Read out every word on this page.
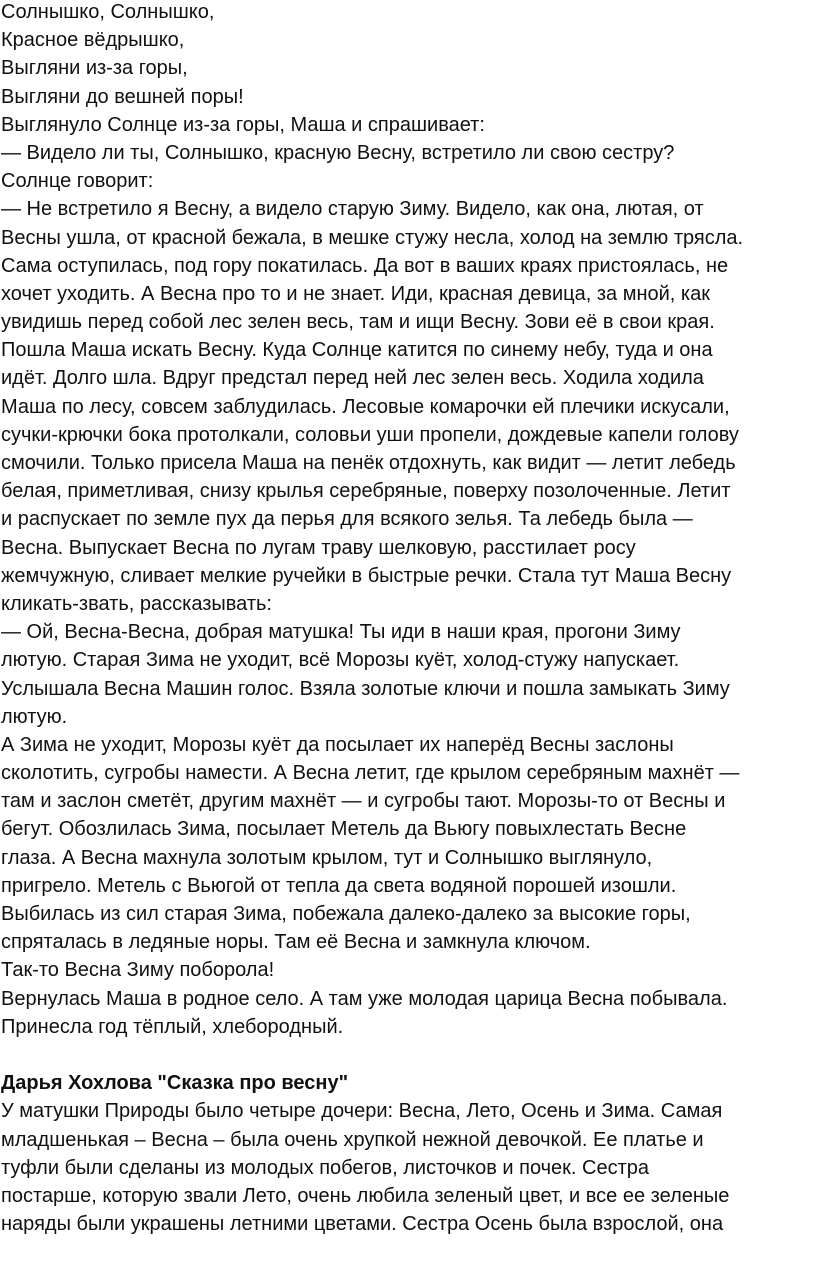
Солнышко, Солнышко,
Красное вёдрышко,
Выгляни из-за горы,
Выгляни до вешней поры!
Выглянуло Солнце из-за горы, Маша и спрашивает:
— Видело ли ты, Солнышко, красную Весну, встретило ли свою сестру?
Солнце говорит:
— Не встретило я Весну, а видело старую Зиму. Видело, как она, лютая, от
Весны ушла, от красной бежала, в мешке стужу несла, холод на землю трясла.
Сама оступилась, под гору покатилась. Да вот в ваших краях пристоялась, не
хочет уходить. А Весна про то и не знает. Иди, красная девица, за мной, как
увидишь перед собой лес зелен весь, там и ищи Весну. Зови её в свои края.
Пошла Маша искать Весну. Куда Солнце катится по синему небу, туда и она
идёт. Долго шла. Вдруг предстал перед ней лес зелен весь. Ходила ходила
Маша по лесу, совсем заблудилась. Лесовые комарочки ей плечики искусали,
сучки-крючки бока протолкали, соловьи уши пропели, дождевые капели голову
смочили. Только присела Маша на пенёк отдохнуть, как видит — летит лебедь
белая, приметливая, снизу крылья серебряные, поверху позолоченные. Летит
и распускает по земле пух да перья для всякого зелья. Та лебедь была —
Весна. Выпускает Весна по лугам траву шелковую, расстилает росу
жемчужную, сливает мелкие ручейки в быстрые речки. Стала тут Маша Весну
кликать-звать, рассказывать:
— Ой, Весна-Весна, добрая матушка! Ты иди в наши края, прогони Зиму
лютую. Старая Зима не уходит, всё Морозы куёт, холод-стужу напускает.
Услышала Весна Машин голос. Взяла золотые ключи и пошла замыкать Зиму
лютую.
А Зима не уходит, Морозы куёт да посылает их наперёд Весны заслоны
сколотить, сугробы намести. А Весна летит, где крылом серебряным махнёт —
там и заслон сметёт, другим махнёт — и сугробы тают. Морозы-то от Весны и
бегут. Обозлилась Зима, посылает Метель да Вьюгу повыхлестать Весне
глаза. А Весна махнула золотым крылом, тут и Солнышко выглянуло,
пригрело. Метель с Вьюгой от тепла да света водяной порошей изошли.
Выбилась из сил старая Зима, побежала далеко-далеко за высокие горы,
спряталась в ледяные норы. Там её Весна и замкнула ключом.
Так-то Весна Зиму поборола!
Вернулась Маша в родное село. А там уже молодая царица Весна побывала.
Принесла год тёплый, хлебородный.
Дарья Хохлова "Сказка про весну"
У матушки Природы было четыре дочери: Весна, Лето, Осень и Зима. Самая
младшенькая – Весна – была очень хрупкой нежной девочкой. Ее платье и
туфли были сделаны из молодых побегов, листочков и почек. Сестра
постарше, которую звали Лето, очень любила зеленый цвет, и все ее зеленые
наряды были украшены летними цветами. Сестра Осень была взрослой, она
